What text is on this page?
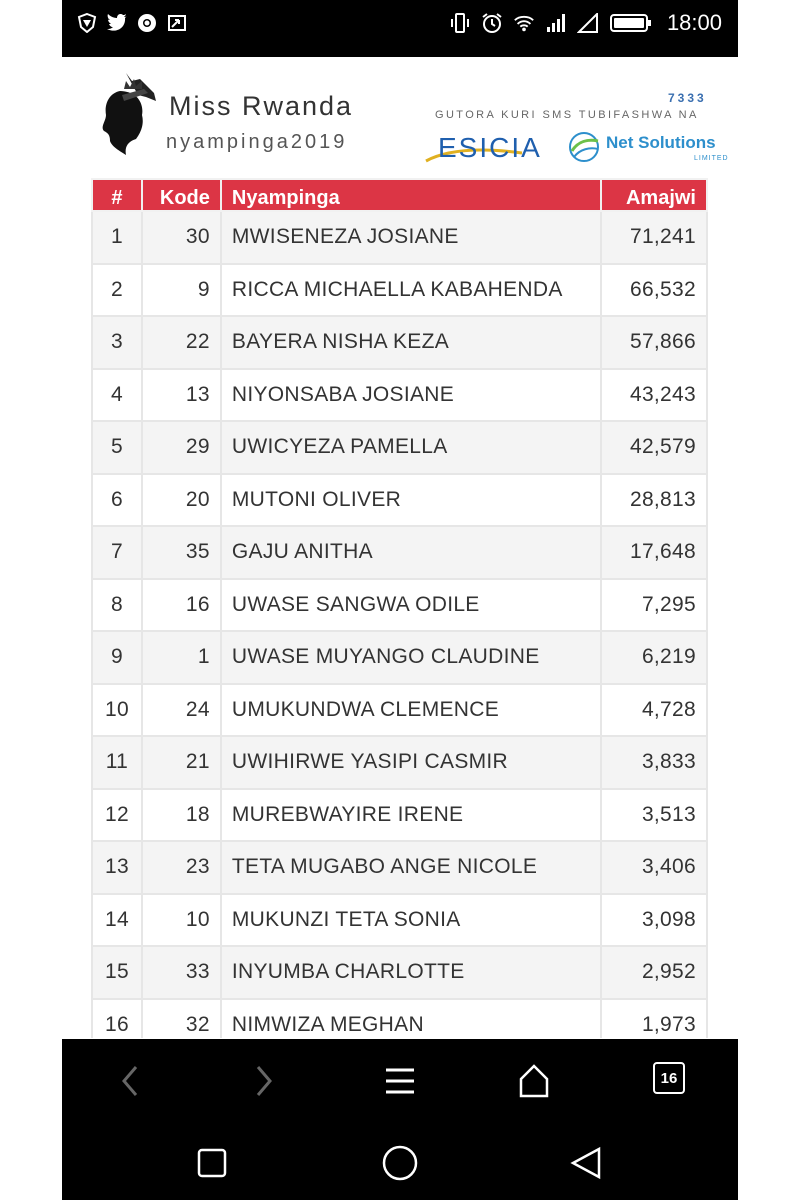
18:00
Miss Rwanda
nyampinga2019
7333
GUTORA KURI SMS TUBIFASHWA NA
ESICIA	Net Solutions
LIMITED
#	Kode	Nyampinga	Amajwi
1	30	MWISENEZA JOSIANE	71,241
2	9	RICCA MICHAELLA KABAHENDA	66,532
3	22	BAYERA NISHA KEZA	57,866
4	13	NIYONSABA JOSIANE	43,243
5	29	UWICYEZA PAMELLA	42,579
6	20	MUTONI OLIVER	28,813
7	35	GAJU ANITHA	17,648
8	16	UWASE SANGWA ODILE	7,295
9	1	UWASE MUYANGO CLAUDINE	6,219
10	24	UMUKUNDWA CLEMENCE	4,728
11	21	UWIHIRWE YASIPI CASMIR	3,833
12	18	MUREBWAYIRE IRENE	3,513
13	23	TETA MUGABO ANGE NICOLE	3,406
14	10	MUKUNZI TETA SONIA	3,098
15	33	INYUMBA CHARLOTTE	2,952
16	32	NIMWIZA MEGHAN	1,973
16
